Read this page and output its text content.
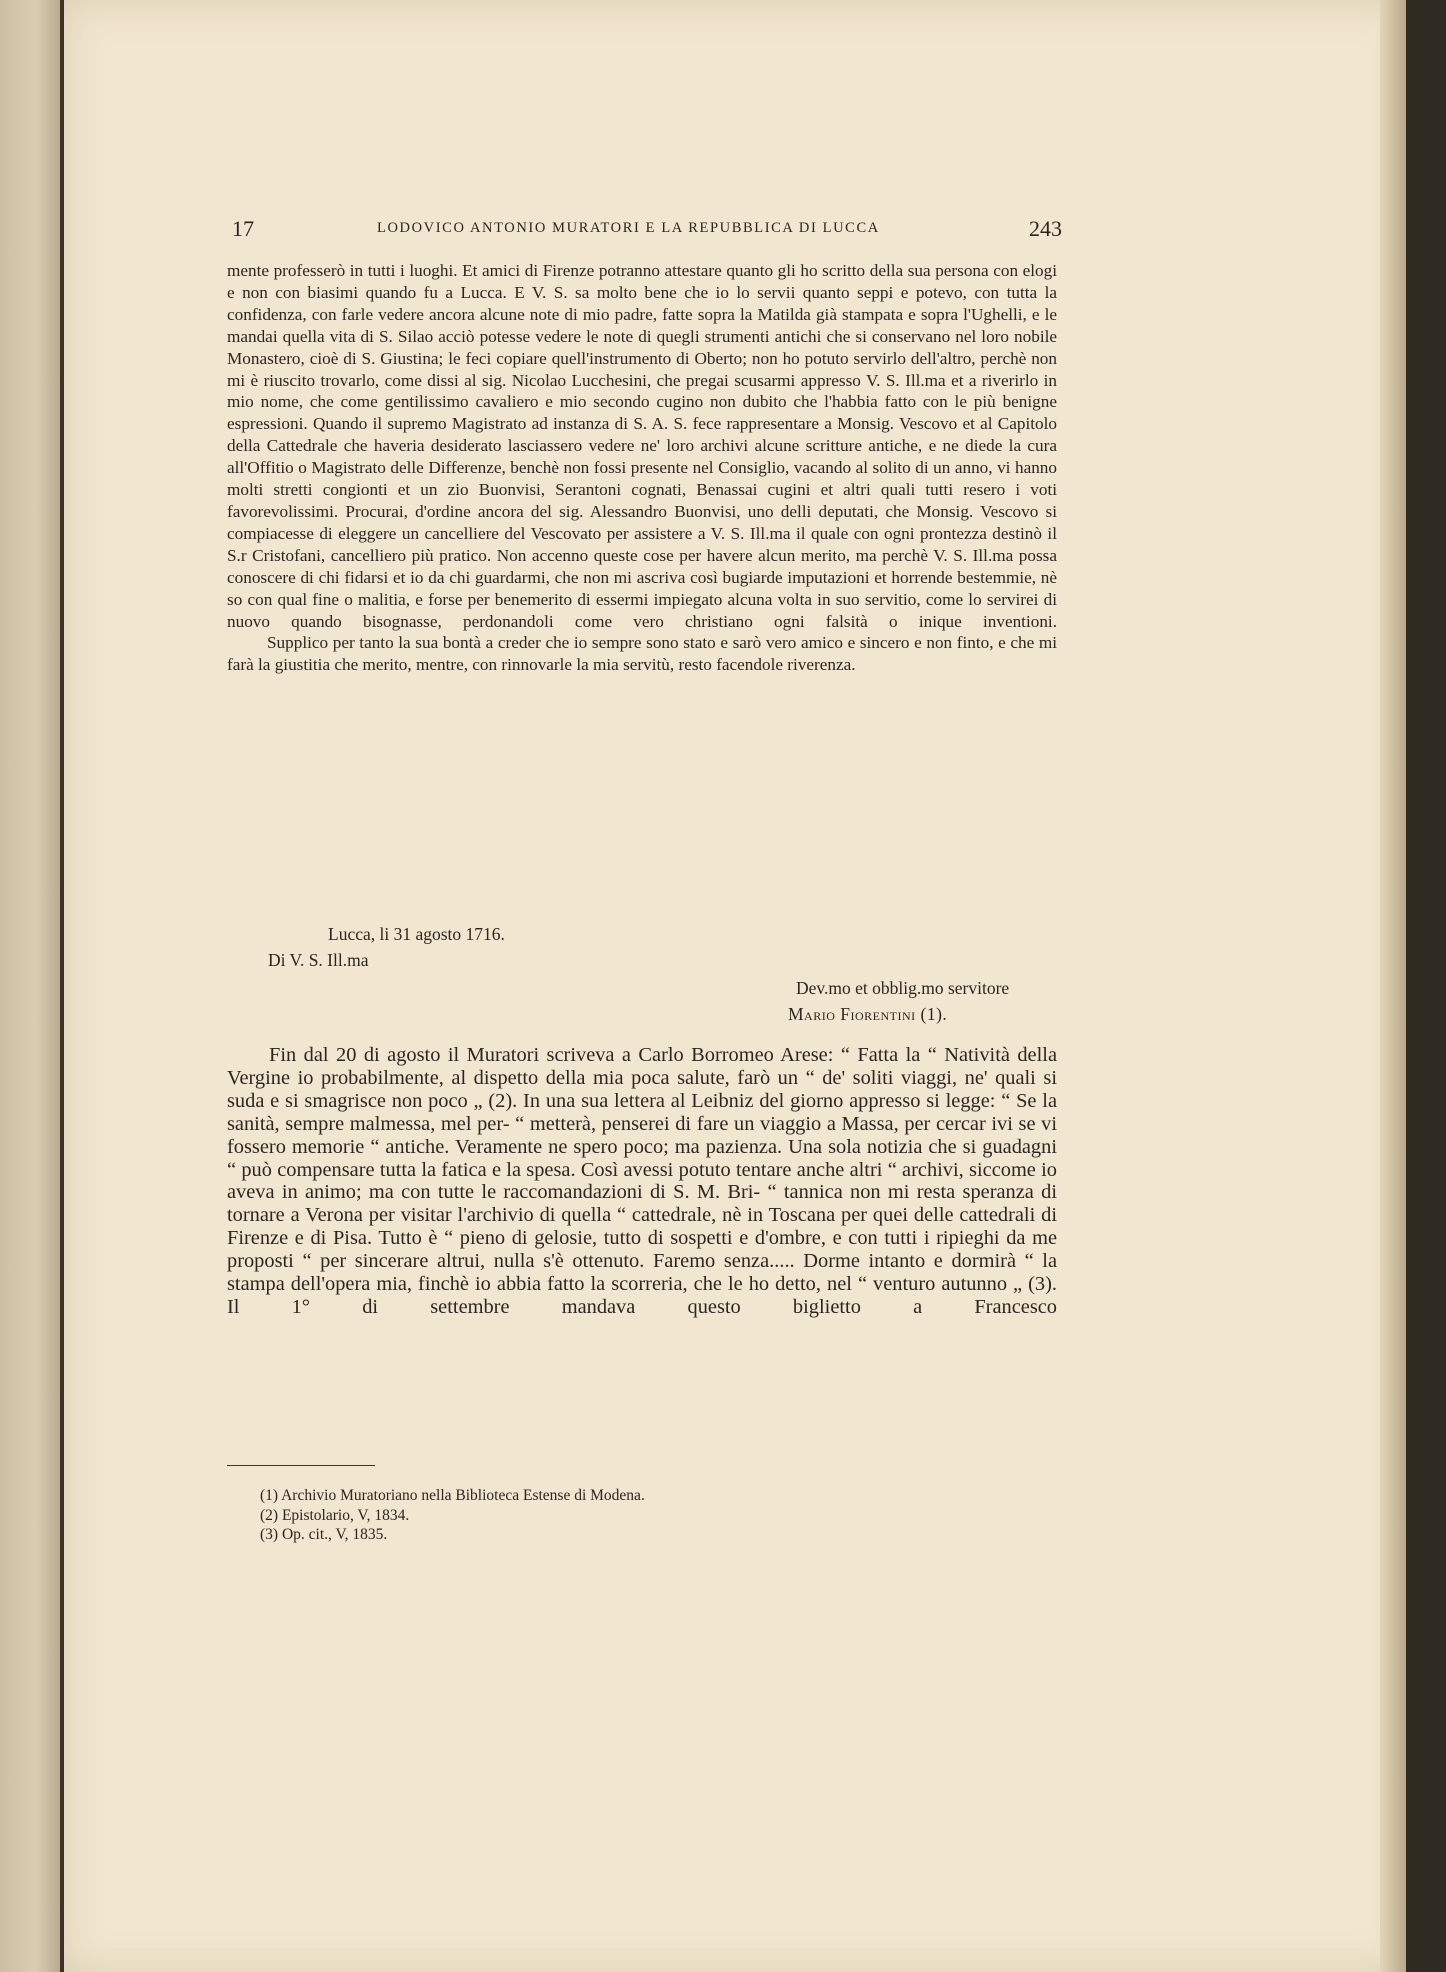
17	LODOVICO ANTONIO MURATORI E LA REPUBBLICA DI LUCCA	243

mente professerò in tutti i luoghi. Et amici di Firenze potranno attestare quanto gli ho scritto della sua persona con elogi e non con biasimi quando fu a Lucca. E V. S. sa molto bene che io lo servii quanto seppi e potevo, con tutta la confidenza, con farle vedere ancora alcune note di mio padre, fatte sopra la Matilda già stampata e sopra l'Ughelli, e le mandai quella vita di S. Silao acciò potesse vedere le note di quegli strumenti antichi che si conservano nel loro nobile Monastero, cioè di S. Giustina; le feci copiare quell'instrumento di Oberto; non ho potuto servirlo dell'altro, perchè non mi è riuscito trovarlo, come dissi al sig. Nicolao Lucchesini, che pregai scusarmi appresso V. S. Ill.ma et a riverirlo in mio nome, che come gentilissimo cavaliero e mio secondo cugino non dubito che l'habbia fatto con le più benigne espressioni. Quando il supremo Magistrato ad instanza di S. A. S. fece rappresentare a Monsig. Vescovo et al Capitolo della Cattedrale che haveria desiderato lasciassero vedere ne' loro archivi alcune scritture antiche, e ne diede la cura all'Offitio o Magistrato delle Differenze, benchè non fossi presente nel Consiglio, vacando al solito di un anno, vi hanno molti stretti congionti et un zio Buonvisi, Serantoni cognati, Benassai cugini et altri quali tutti resero i voti favorevolissimi. Procurai, d'ordine ancora del sig. Alessandro Buonvisi, uno delli deputati, che Monsig. Vescovo si compiacesse di eleggere un cancelliere del Vescovato per assistere a V. S. Ill.ma il quale con ogni prontezza destinò il S.r Cristofani, cancelliero più pratico. Non accenno queste cose per havere alcun merito, ma perchè V. S. Ill.ma possa conoscere di chi fidarsi et io da chi guardarmi, che non mi ascriva così bugiarde imputazioni et horrende bestemmie, nè so con qual fine o malitia, e forse per benemerito di essermi impiegato alcuna volta in suo servitio, come lo servirei di nuovo quando bisognasse, perdonandoli come vero christiano ogni falsità o inique inventioni.

Supplico per tanto la sua bontà a creder che io sempre sono stato e sarò vero amico e sincero e non finto, e che mi farà la giustitia che merito, mentre, con rinnovarle la mia servitù, resto facendole riverenza.

Lucca, li 31 agosto 1716.
Di V. S. Ill.ma
Dev.mo et obblig.mo servitore
Mario Fiorentini (1).

Fin dal 20 di agosto il Muratori scriveva a Carlo Borromeo Arese: “ Fatta la “ Natività della Vergine io probabilmente, al dispetto della mia poca salute, farò un “ de' soliti viaggi, ne' quali si suda e si smagrisce non poco „ (2). In una sua lettera al Leibniz del giorno appresso si legge: “ Se la sanità, sempre malmessa, mel per- “ metterà, penserei di fare un viaggio a Massa, per cercar ivi se vi fossero memorie “ antiche. Veramente ne spero poco; ma pazienza. Una sola notizia che si guadagni “ può compensare tutta la fatica e la spesa. Così avessi potuto tentare anche altri “ archivi, siccome io aveva in animo; ma con tutte le raccomandazioni di S. M. Bri- “ tannica non mi resta speranza di tornare a Verona per visitar l'archivio di quella “ cattedrale, nè in Toscana per quei delle cattedrali di Firenze e di Pisa. Tutto è “ pieno di gelosie, tutto di sospetti e d'ombre, e con tutti i ripieghi da me proposti “ per sincerare altrui, nulla s'è ottenuto. Faremo senza..... Dorme intanto e dormirà “ la stampa dell'opera mia, finchè io abbia fatto la scorreria, che le ho detto, nel “ venturo autunno „ (3). Il 1° di settembre mandava questo biglietto a Francesco

(1) Archivio Muratoriano nella Biblioteca Estense di Modena.
(2) Epistolario, V, 1834.
(3) Op. cit., V, 1835.
